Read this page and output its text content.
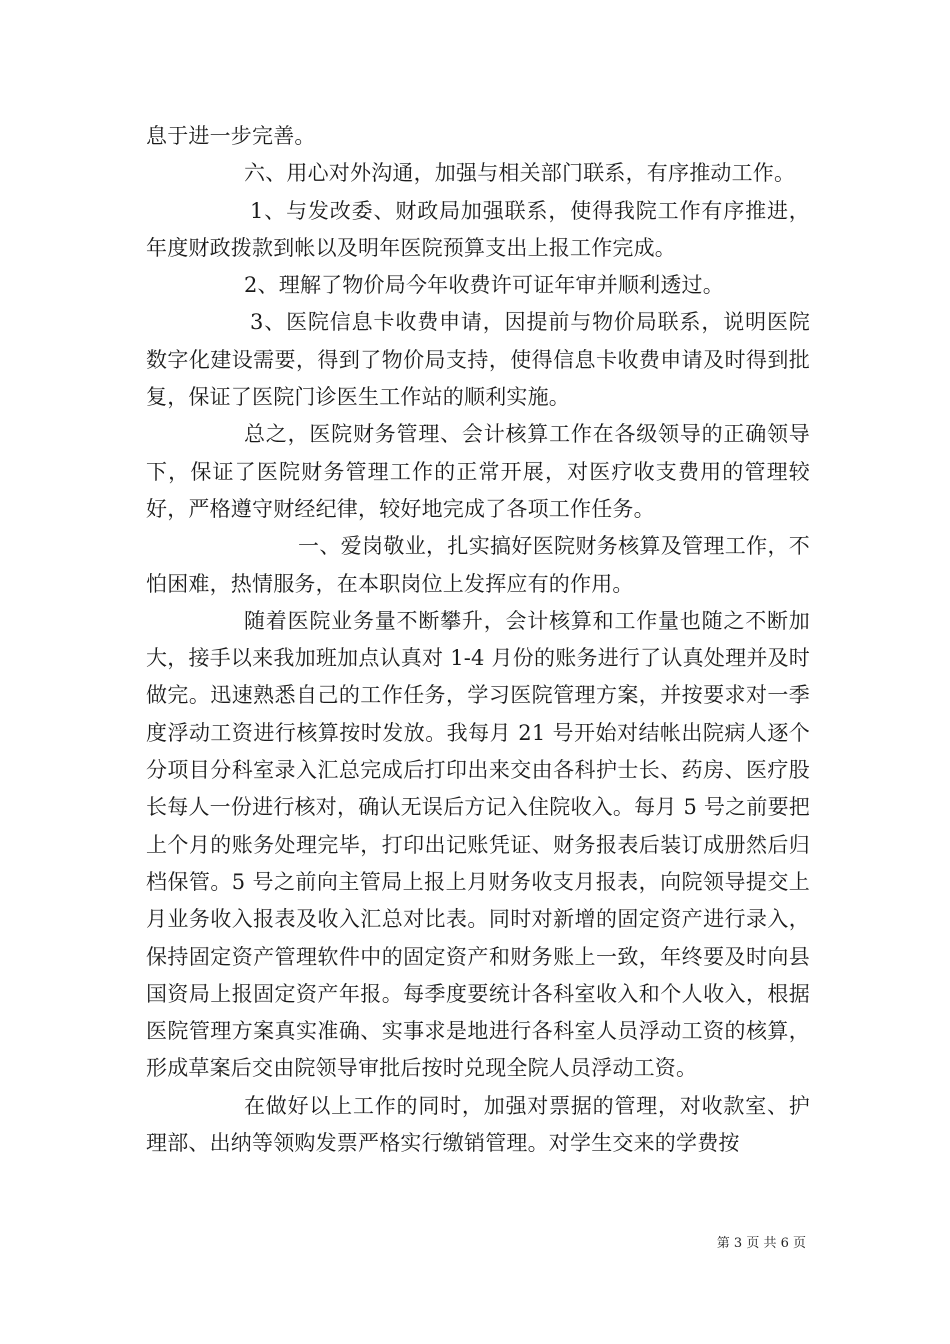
息于进一步完善。

六、用心对外沟通，加强与相关部门联系，有序推动工作。

1、与发改委、财政局加强联系，使得我院工作有序推进，年度财政拨款到帐以及明年医院预算支出上报工作完成。

2、理解了物价局今年收费许可证年审并顺利透过。

3、医院信息卡收费申请，因提前与物价局联系，说明医院数字化建设需要，得到了物价局支持，使得信息卡收费申请及时得到批复，保证了医院门诊医生工作站的顺利实施。

总之，医院财务管理、会计核算工作在各级领导的正确领导下，保证了医院财务管理工作的正常开展，对医疗收支费用的管理较好，严格遵守财经纪律，较好地完成了各项工作任务。

一、爱岗敬业，扎实搞好医院财务核算及管理工作，不怕困难，热情服务，在本职岗位上发挥应有的作用。

随着医院业务量不断攀升，会计核算和工作量也随之不断加大，接手以来我加班加点认真对 1-4 月份的账务进行了认真处理并及时做完。迅速熟悉自己的工作任务，学习医院管理方案，并按要求对一季度浮动工资进行核算按时发放。我每月 21 号开始对结帐出院病人逐个分项目分科室录入汇总完成后打印出来交由各科护士长、药房、医疗股长每人一份进行核对，确认无误后方记入住院收入。每月 5 号之前要把上个月的账务处理完毕，打印出记账凭证、财务报表后装订成册然后归档保管。5 号之前向主管局上报上月财务收支月报表，向院领导提交上月业务收入报表及收入汇总对比表。同时对新增的固定资产进行录入，保持固定资产管理软件中的固定资产和财务账上一致，年终要及时向县国资局上报固定资产年报。每季度要统计各科室收入和个人收入，根据医院管理方案真实准确、实事求是地进行各科室人员浮动工资的核算，形成草案后交由院领导审批后按时兑现全院人员浮动工资。

在做好以上工作的同时，加强对票据的管理，对收款室、护理部、出纳等领购发票严格实行缴销管理。对学生交来的学费按

第 3 页 共 6 页
